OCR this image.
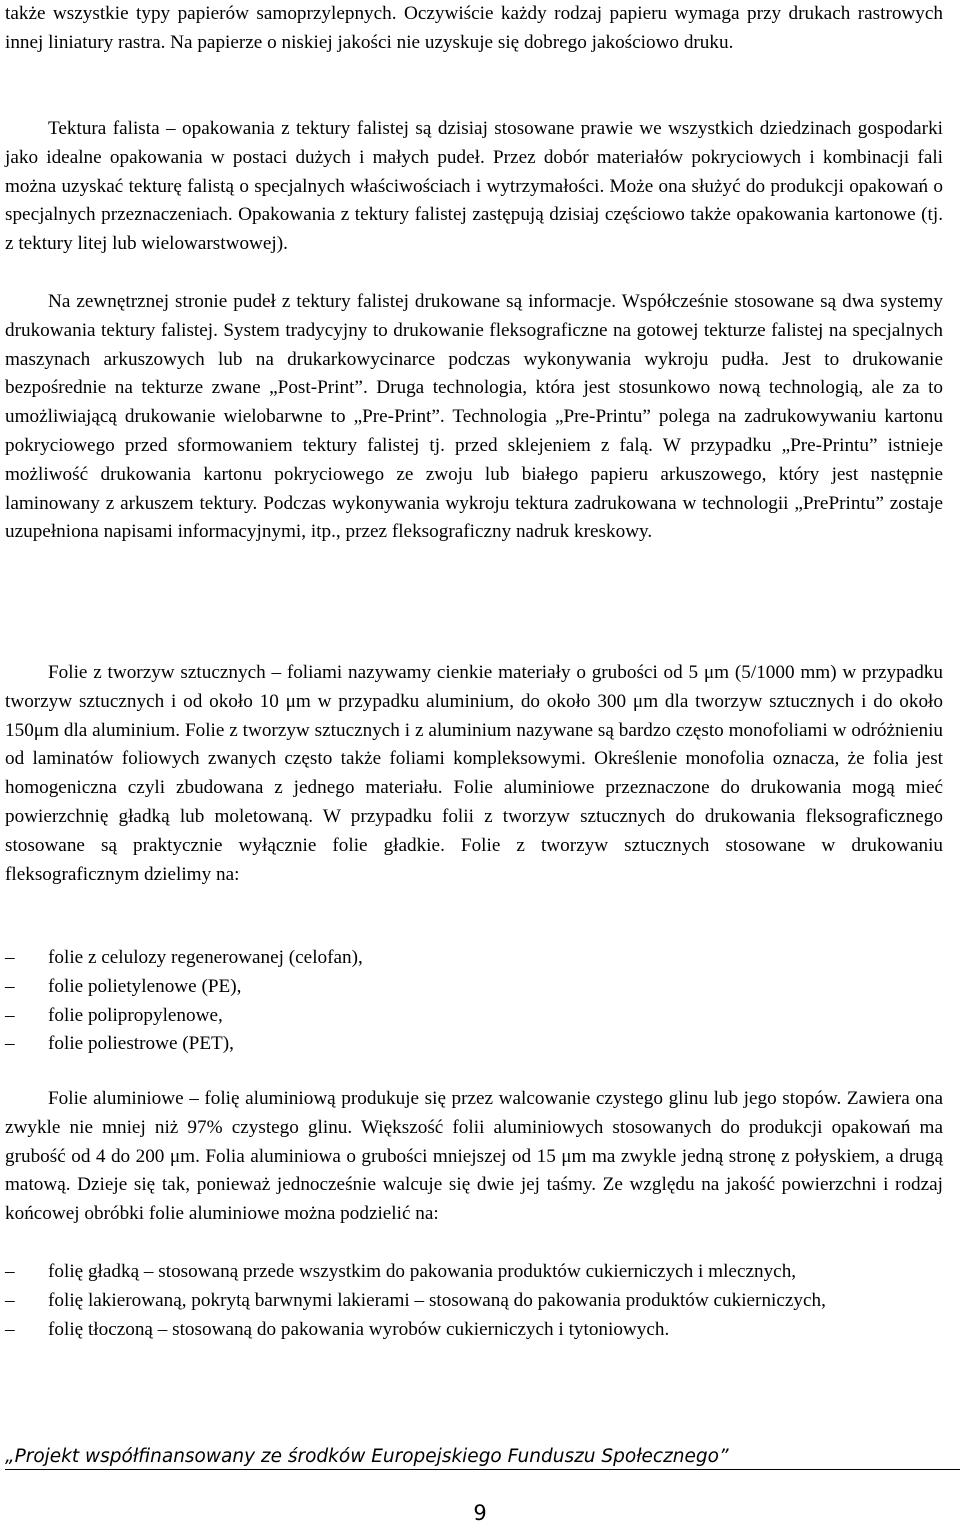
także wszystkie typy papierów samoprzylepnych. Oczywiście każdy rodzaj papieru wymaga przy drukach rastrowych innej liniatury rastra. Na papierze o niskiej jakości nie uzyskuje się dobrego jakościowo druku.

Tektura falista – opakowania z tektury falistej są dzisiaj stosowane prawie we wszystkich dziedzinach gospodarki jako idealne opakowania w postaci dużych i małych pudeł. Przez dobór materiałów pokryciowych i kombinacji fali można uzyskać tekturę falistą o specjalnych właściwościach i wytrzymałości. Może ona służyć do produkcji opakowań o specjalnych przeznaczeniach. Opakowania z tektury falistej zastępują dzisiaj częściowo także opakowania kartonowe (tj. z tektury litej lub wielowarstwowej).

Na zewnętrznej stronie pudeł z tektury falistej drukowane są informacje. Współcześnie stosowane są dwa systemy drukowania tektury falistej. System tradycyjny to drukowanie fleksograficzne na gotowej tekturze falistej na specjalnych maszynach arkuszowych lub na drukarkowycinarce podczas wykonywania wykroju pudła. Jest to drukowanie bezpośrednie na tekturze zwane „Post-Print”. Druga technologia, która jest stosunkowo nową technologią, ale za to umożliwiającą drukowanie wielobarwne to „Pre-Print”. Technologia „Pre-Printu” polega na zadrukowywaniu kartonu pokryciowego przed sformowaniem tektury falistej tj. przed sklejeniem z falą. W przypadku „Pre-Printu” istnieje możliwość drukowania kartonu pokryciowego ze zwoju lub białego papieru arkuszowego, który jest następnie laminowany z arkuszem tektury. Podczas wykonywania wykroju tektura zadrukowana w technologii „PrePrintu” zostaje uzupełniona napisami informacyjnymi, itp., przez fleksograficzny nadruk kreskowy.

Folie z tworzyw sztucznych – foliami nazywamy cienkie materiały o grubości od 5 μm (5/1000 mm) w przypadku tworzyw sztucznych i od około 10 μm w przypadku aluminium, do około 300 μm dla tworzyw sztucznych i do około 150μm dla aluminium. Folie z tworzyw sztucznych i z aluminium nazywane są bardzo często monofoliami w odróżnieniu od laminatów foliowych zwanych często także foliami kompleksowymi. Określenie monofolia oznacza, że folia jest homogeniczna czyli zbudowana z jednego materiału. Folie aluminiowe przeznaczone do drukowania mogą mieć powierzchnię gładką lub moletowaną. W przypadku folii z tworzyw sztucznych do drukowania fleksograficznego stosowane są praktycznie wyłącznie folie gładkie. Folie z tworzyw sztucznych stosowane w drukowaniu fleksograficznym dzielimy na:

–	folie z celulozy regenerowanej (celofan),
–	folie polietylenowe (PE),
–	folie polipropylenowe,
–	folie poliestrowe (PET),

Folie aluminiowe – folię aluminiową produkuje się przez walcowanie czystego glinu lub jego stopów. Zawiera ona zwykle nie mniej niż 97% czystego glinu. Większość folii aluminiowych stosowanych do produkcji opakowań ma grubość od 4 do 200 μm. Folia aluminiowa o grubości mniejszej od 15 μm ma zwykle jedną stronę z połyskiem, a drugą matową. Dzieje się tak, ponieważ jednocześnie walcuje się dwie jej taśmy. Ze względu na jakość powierzchni i rodzaj końcowej obróbki folie aluminiowe można podzielić na:

–	folię gładką – stosowaną przede wszystkim do pakowania produktów cukierniczych i mlecznych,
–	folię lakierowaną, pokrytą barwnymi lakierami – stosowaną do pakowania produktów cukierniczych,
–	folię tłoczoną – stosowaną do pakowania wyrobów cukierniczych i tytoniowych.
„Projekt współfinansowany ze środków Europejskiego Funduszu Społecznego”
9
